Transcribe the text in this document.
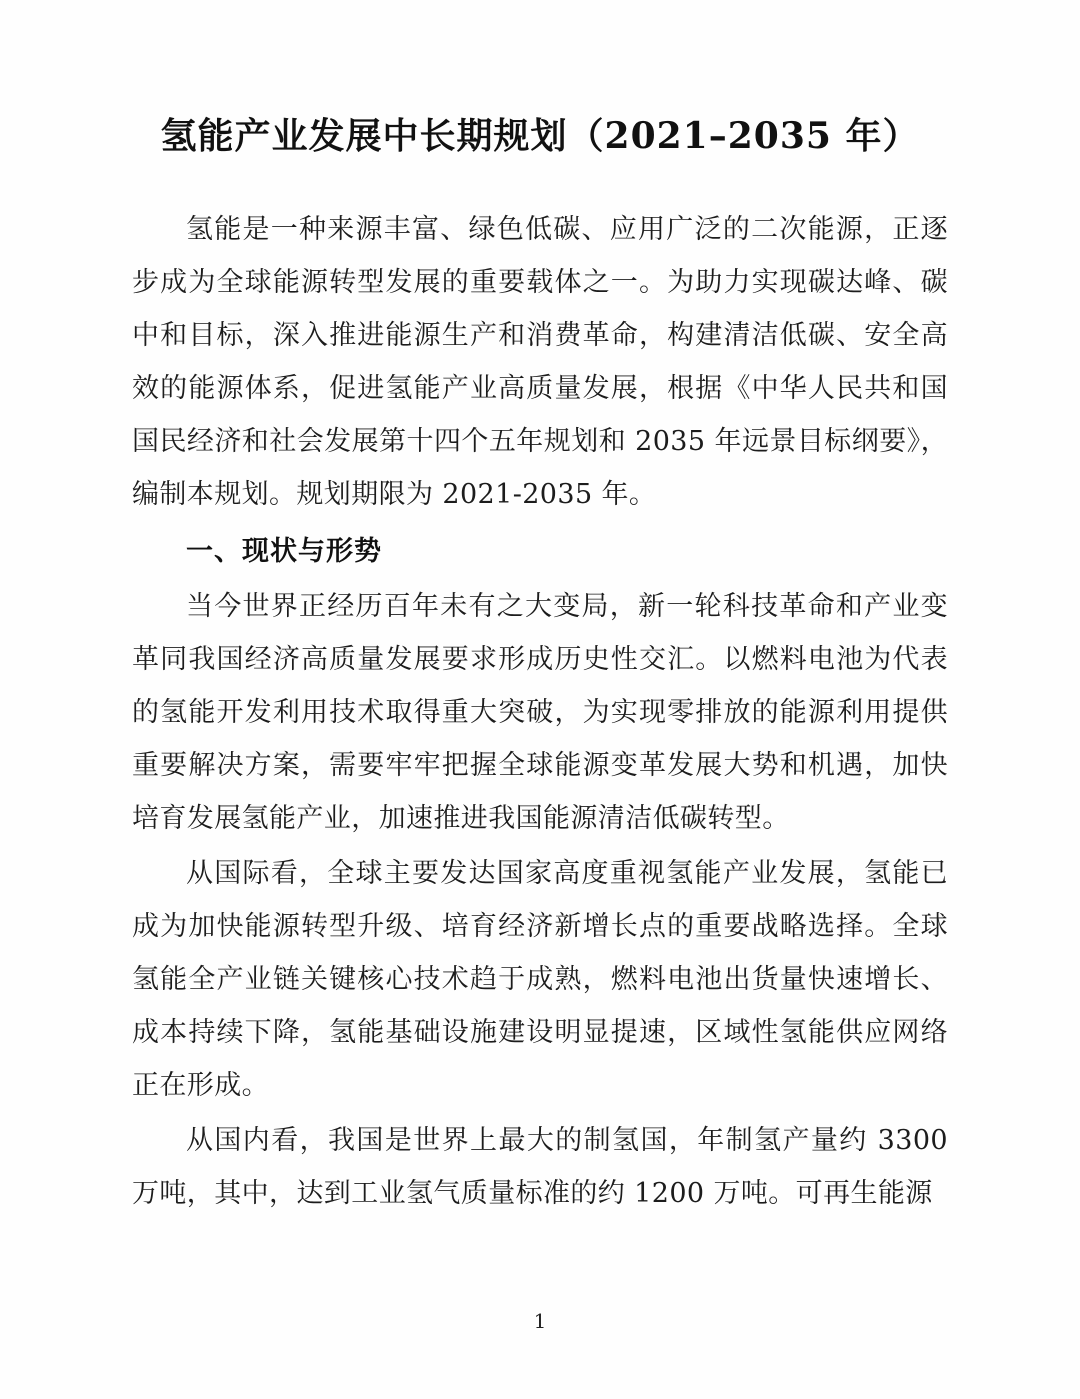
氢能产业发展中长期规划（2021–2035 年）

氢能是一种来源丰富、绿色低碳、应用广泛的二次能源，正逐步成为全球能源转型发展的重要载体之一。为助力实现碳达峰、碳中和目标，深入推进能源生产和消费革命，构建清洁低碳、安全高效的能源体系，促进氢能产业高质量发展，根据《中华人民共和国国民经济和社会发展第十四个五年规划和 2035 年远景目标纲要》，编制本规划。规划期限为 2021-2035 年。

一、现状与形势

当今世界正经历百年未有之大变局，新一轮科技革命和产业变革同我国经济高质量发展要求形成历史性交汇。以燃料电池为代表的氢能开发利用技术取得重大突破，为实现零排放的能源利用提供重要解决方案，需要牢牢把握全球能源变革发展大势和机遇，加快培育发展氢能产业，加速推进我国能源清洁低碳转型。

从国际看，全球主要发达国家高度重视氢能产业发展，氢能已成为加快能源转型升级、培育经济新增长点的重要战略选择。全球氢能全产业链关键核心技术趋于成熟，燃料电池出货量快速增长、成本持续下降，氢能基础设施建设明显提速，区域性氢能供应网络正在形成。

从国内看，我国是世界上最大的制氢国，年制氢产量约 3300 万吨，其中，达到工业氢气质量标准的约 1200 万吨。可再生能源

1
